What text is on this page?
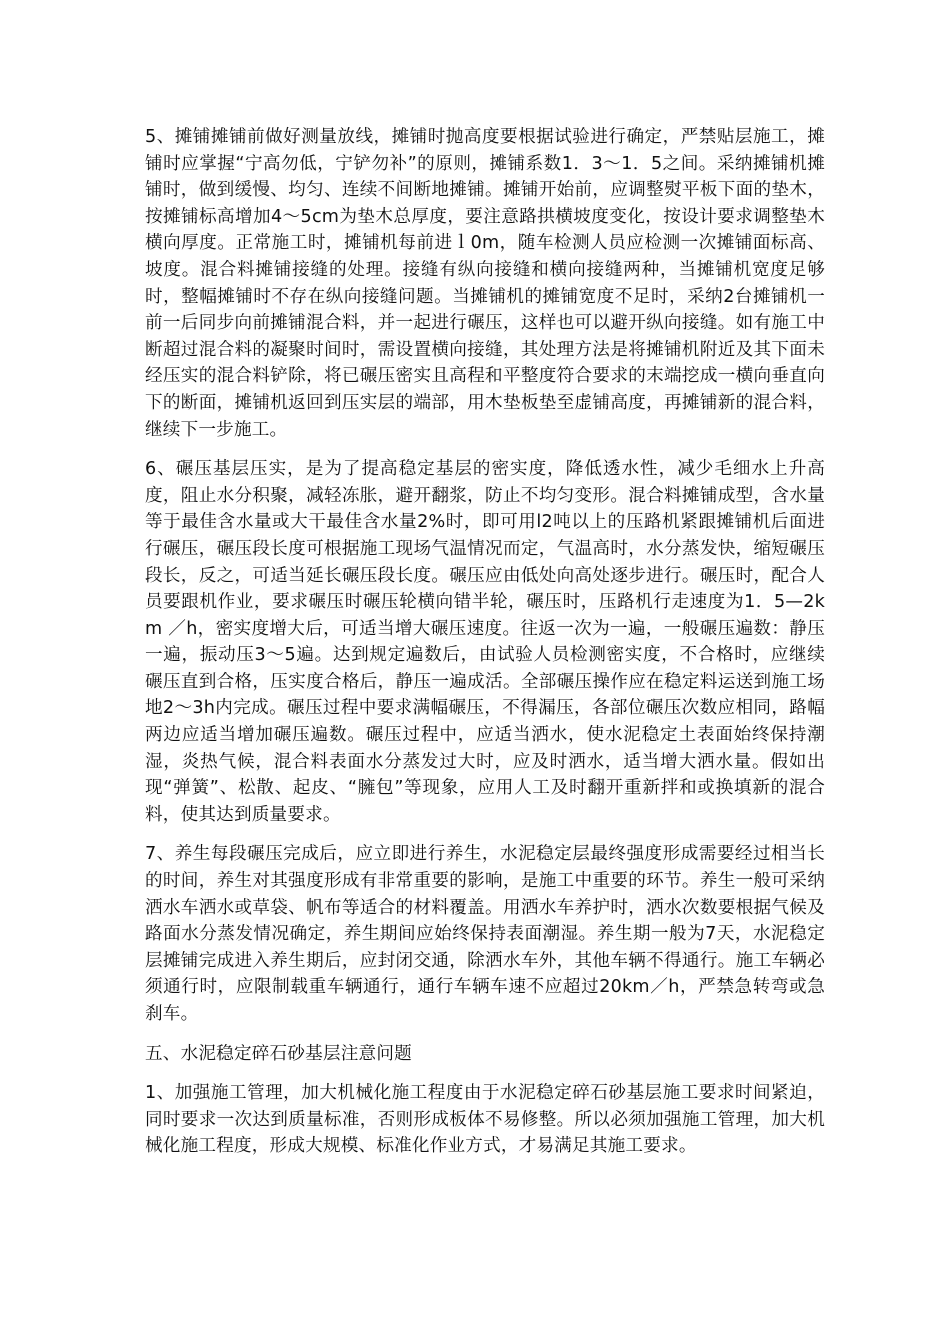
5、摊铺摊铺前做好测量放线，摊铺时抛高度要根据试验进行确定，严禁贴层施工，摊铺时应掌握“宁高勿低，宁铲勿补”的原则，摊铺系数1．3～1．5之间。采纳摊铺机摊铺时，做到缓慢、均匀、连续不间断地摊铺。摊铺开始前，应调整熨平板下面的垫木，按摊铺标高增加4～5cm为垫木总厚度，要注意路拱横坡度变化，按设计要求调整垫木横向厚度。正常施工时，摊铺机每前进ｌ0m，随车检测人员应检测一次摊铺面标高、坡度。混合料摊铺接缝的处理。接缝有纵向接缝和横向接缝两种，当摊铺机宽度足够时，整幅摊铺时不存在纵向接缝问题。当摊铺机的摊铺宽度不足时，采纳2台摊铺机一前一后同步向前摊铺混合料，并一起进行碾压，这样也可以避开纵向接缝。如有施工中断超过混合料的凝聚时间时，需设置横向接缝，其处理方法是将摊铺机附近及其下面未经压实的混合料铲除，将已碾压密实且高程和平整度符合要求的末端挖成一横向垂直向下的断面，摊铺机返回到压实层的端部，用木垫板垫至虚铺高度，再摊铺新的混合料，继续下一步施工。

6、碾压基层压实，是为了提高稳定基层的密实度，降低透水性，减少毛细水上升高度，阻止水分积聚，减轻冻胀，避开翻浆，防止不均匀变形。混合料摊铺成型，含水量等于最佳含水量或大干最佳含水量2%时，即可用l2吨以上的压路机紧跟摊铺机后面进行碾压，碾压段长度可根据施工现场气温情况而定，气温高时，水分蒸发快，缩短碾压段长，反之，可适当延长碾压段长度。碾压应由低处向高处逐步进行。碾压时，配合人员要跟机作业，要求碾压时碾压轮横向错半轮，碾压时，压路机行走速度为1．5—2km ／h，密实度增大后，可适当增大碾压速度。往返一次为一遍，一般碾压遍数：静压一遍，振动压3～5遍。达到规定遍数后，由试验人员检测密实度，不合格时，应继续碾压直到合格，压实度合格后，静压一遍成活。全部碾压操作应在稳定料运送到施工场地2～3h内完成。碾压过程中要求满幅碾压，不得漏压，各部位碾压次数应相同，路幅两边应适当增加碾压遍数。碾压过程中，应适当洒水，使水泥稳定土表面始终保持潮湿，炎热气候，混合料表面水分蒸发过大时，应及时洒水，适当增大洒水量。假如出现“弹簧”、松散、起皮、“臃包”等现象，应用人工及时翻开重新拌和或换填新的混合料，使其达到质量要求。

7、养生每段碾压完成后，应立即进行养生，水泥稳定层最终强度形成需要经过相当长的时间，养生对其强度形成有非常重要的影响，是施工中重要的环节。养生一般可采纳洒水车洒水或草袋、帆布等适合的材料覆盖。用洒水车养护时，洒水次数要根据气候及路面水分蒸发情况确定，养生期间应始终保持表面潮湿。养生期一般为7天，水泥稳定层摊铺完成进入养生期后，应封闭交通，除洒水车外，其他车辆不得通行。施工车辆必须通行时，应限制载重车辆通行，通行车辆车速不应超过20km／h，严禁急转弯或急刹车。

五、水泥稳定碎石砂基层注意问题

1、加强施工管理，加大机械化施工程度由于水泥稳定碎石砂基层施工要求时间紧迫，同时要求一次达到质量标准，否则形成板体不易修整。所以必须加强施工管理，加大机械化施工程度，形成大规模、标准化作业方式，才易满足其施工要求。
